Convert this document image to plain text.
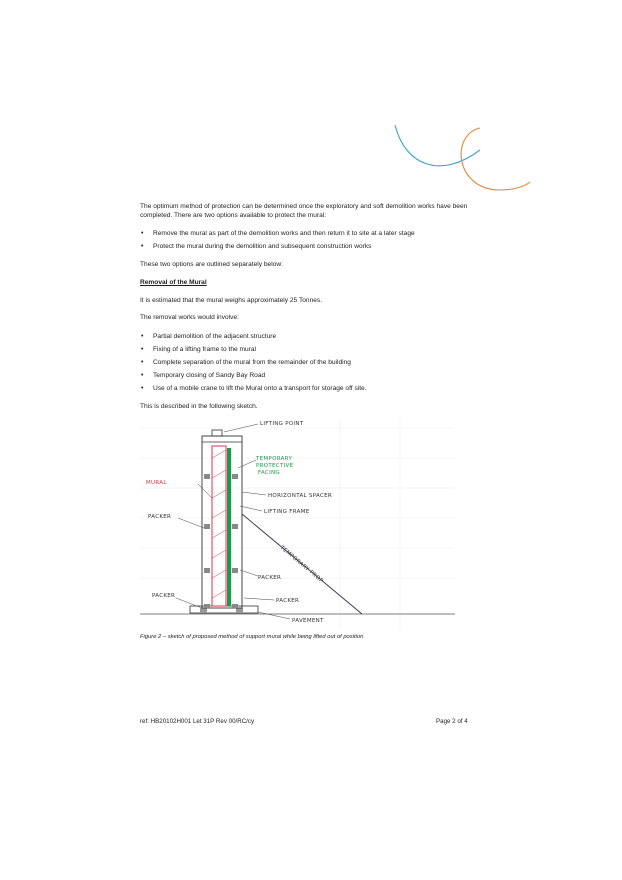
The optimum method of protection can be determined once the exploratory and soft demolition works have been completed. There are two options available to protect the mural:

• Remove the mural as part of the demolition works and then return it to site at a later stage
• Protect the mural during the demolition and subsequent construction works

These two options are outlined separately below:

Removal of the Mural

It is estimated that the mural weighs approximately 25 Tonnes.

The removal works would involve:

• Partial demolition of the adjacent structure
• Fixing of a lifting frame to the mural
• Complete separation of the mural from the remainder of the building
• Temporary closing of Sandy Bay Road
• Use of a mobile crane to lift the Mural onto a transport for storage off site.

This is described in the following sketch.

LIFTING POINT
TEMPORARY
PROTECTIVE
FACING
MURAL
HORIZONTAL SPACER
LIFTING FRAME
PACKER
TEMPORARY PROP
PACKER
PACKER
PACKER
PAVEMENT
Figure 2 – sketch of proposed method of support mural while being lifted out of position
ref: HB20102H001 Let 31P Rev 00/RC/cy	Page 2 of 4
